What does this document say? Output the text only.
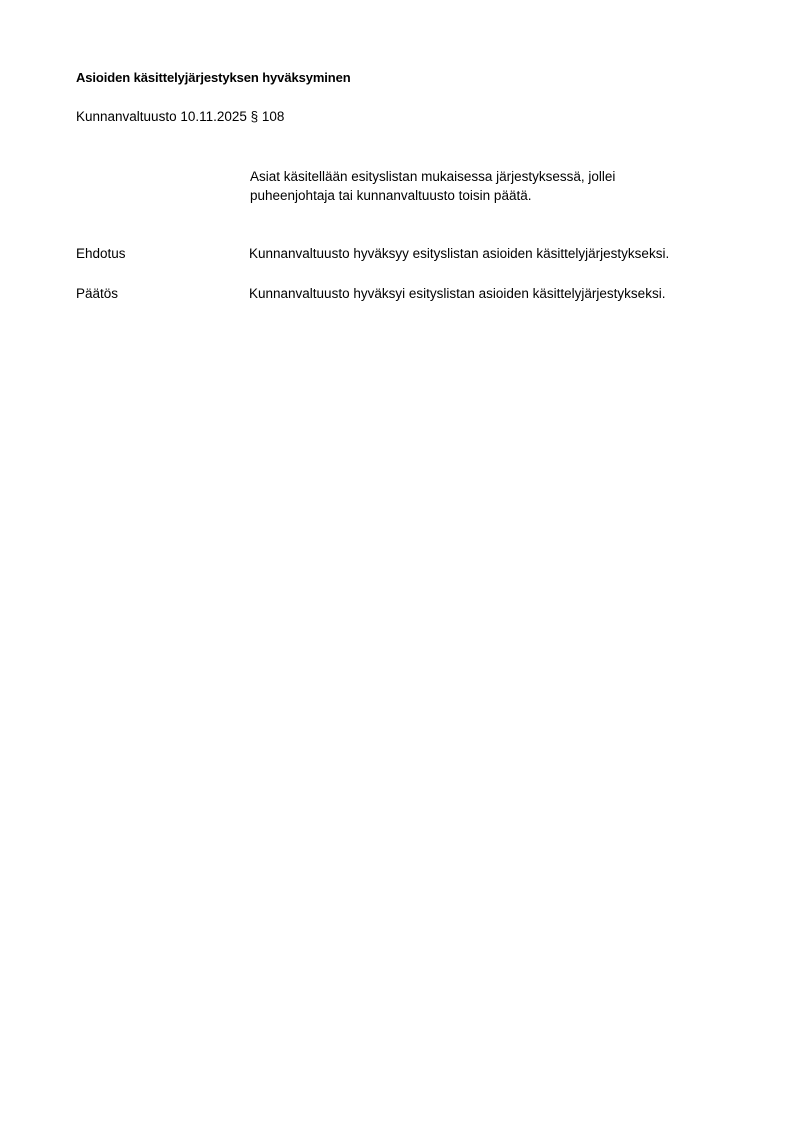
Asioiden käsittelyjärjestyksen hyväksyminen
Kunnanvaltuusto 10.11.2025 § 108

Asiat käsitellään esityslistan mukaisessa järjestyksessä, jollei

puheenjohtaja tai kunnanvaltuusto toisin päätä.

Ehdotus	Kunnanvaltuusto hyväksyy esityslistan asioiden käsittelyjärjestykseksi.
Päätös	Kunnanvaltuusto hyväksyi esityslistan asioiden käsittelyjärjestykseksi.
